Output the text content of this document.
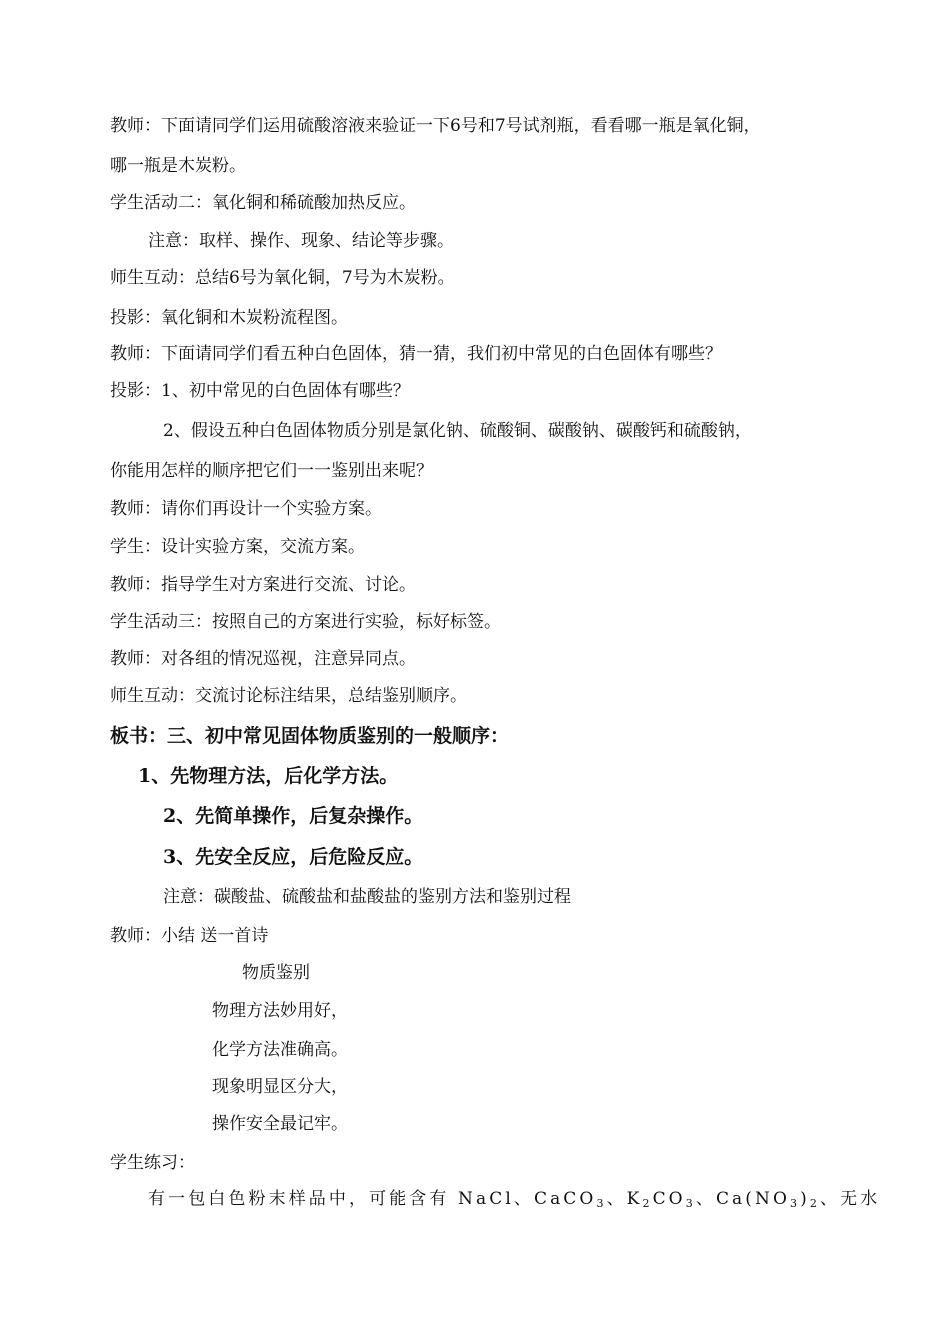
教师：下面请同学们运用硫酸溶液来验证一下6号和7号试剂瓶，看看哪一瓶是氧化铜，
哪一瓶是木炭粉。
学生活动二：氧化铜和稀硫酸加热反应。
注意：取样、操作、现象、结论等步骤。
师生互动：总结6号为氧化铜，7号为木炭粉。
投影：氧化铜和木炭粉流程图。
教师：下面请同学们看五种白色固体，猜一猜，我们初中常见的白色固体有哪些？
投影：1、初中常见的白色固体有哪些？
2、假设五种白色固体物质分别是氯化钠、硫酸铜、碳酸钠、碳酸钙和硫酸钠，
你能用怎样的顺序把它们一一鉴别出来呢？
教师：请你们再设计一个实验方案。
学生：设计实验方案，交流方案。
教师：指导学生对方案进行交流、讨论。
学生活动三：按照自己的方案进行实验，标好标签。
教师：对各组的情况巡视，注意异同点。
师生互动：交流讨论标注结果，总结鉴别顺序。
板书：三、初中常见固体物质鉴别的一般顺序：
1、先物理方法，后化学方法。
2、先简单操作，后复杂操作。
3、先安全反应，后危险反应。
注意：碳酸盐、硫酸盐和盐酸盐的鉴别方法和鉴别过程
教师：小结 送一首诗
物质鉴别
物理方法妙用好，
化学方法准确高。
现象明显区分大，
操作安全最记牢。
学生练习：
有一包白色粉末样品中，可能含有 NaCl、CaCO$_3$、$K_2CO_3$、$Ca(NO_3)_2$、无水
